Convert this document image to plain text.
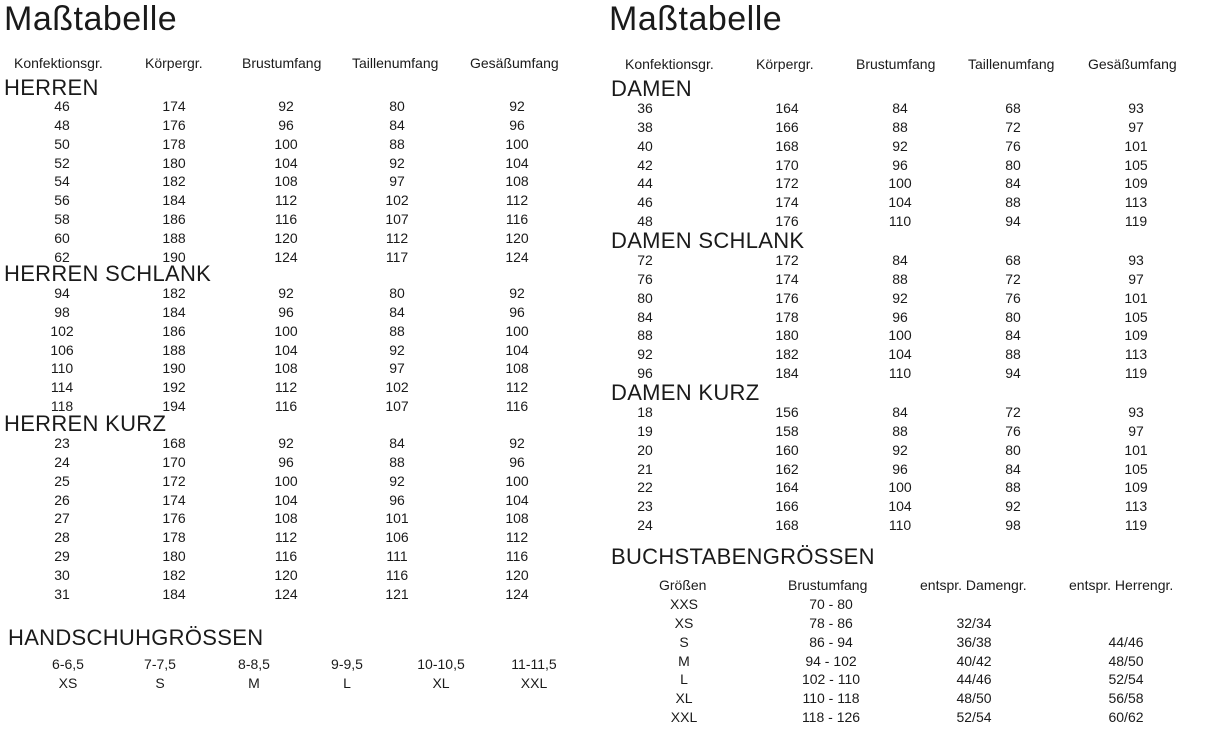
Maßtabelle
Konfektionsgr.	Körpergr.	Brustumfang Taillenumfang Gesäßumfang
HERREN
46	174	92	80	92
48	176	96	84	96
50	178	100	88	100
52	180	104	92	104
54	182	108	97	108
56	184	112	102	112
58	186	116	107	116
60	188	120	112	120
62	190	124	117	124
HERREN SCHLANK
94	182	92	80	92
98	184	96	84	96
102	186	100	88	100
106	188	104	92	104
110	190	108	97	108
114	192	112	102	112
118	194	116	107	116
HERREN KURZ
23	168	92	84	92
24	170	96	88	96
25	172	100	92	100
26	174	104	96	104
27	176	108	101	108
28	178	112	106	112
29	180	116	111	116
30	182	120	116	120
31	184	124	121	124
HANDSCHUHGRÖSSEN
6-6,5	7-7,5	8-8,5	9-9,5	10-10,5	11-11,5
XS	S	M	L	XL	XXL
Maßtabelle
Konfektionsgr.	Körpergr.	Brustumfang Taillenumfang Gesäßumfang
DAMEN
36	164	84	68	93
38	166	88	72	97
40	168	92	76	101
42	170	96	80	105
44	172	100	84	109
46	174	104	88	113
48	176	110	94	119
DAMEN SCHLANK
72	172	84	68	93
76	174	88	72	97
80	176	92	76	101
84	178	96	80	105
88	180	100	84	109
92	182	104	88	113
96	184	110	94	119
DAMEN KURZ
18	156	84	72	93
19	158	88	76	97
20	160	92	80	101
21	162	96	84	105
22	164	100	88	109
23	166	104	92	113
24	168	110	98	119
BUCHSTABENGRÖSSEN
Größen	Brustumfang	entspr. Damengr.	entspr. Herrengr.
XXS	70 - 80
XS	78 - 86	32/34
S	86 - 94	36/38	44/46
M	94 - 102	40/42	48/50
L	102 - 110	44/46	52/54
XL	110 - 118	48/50	56/58
XXL	118 - 126	52/54	60/62
